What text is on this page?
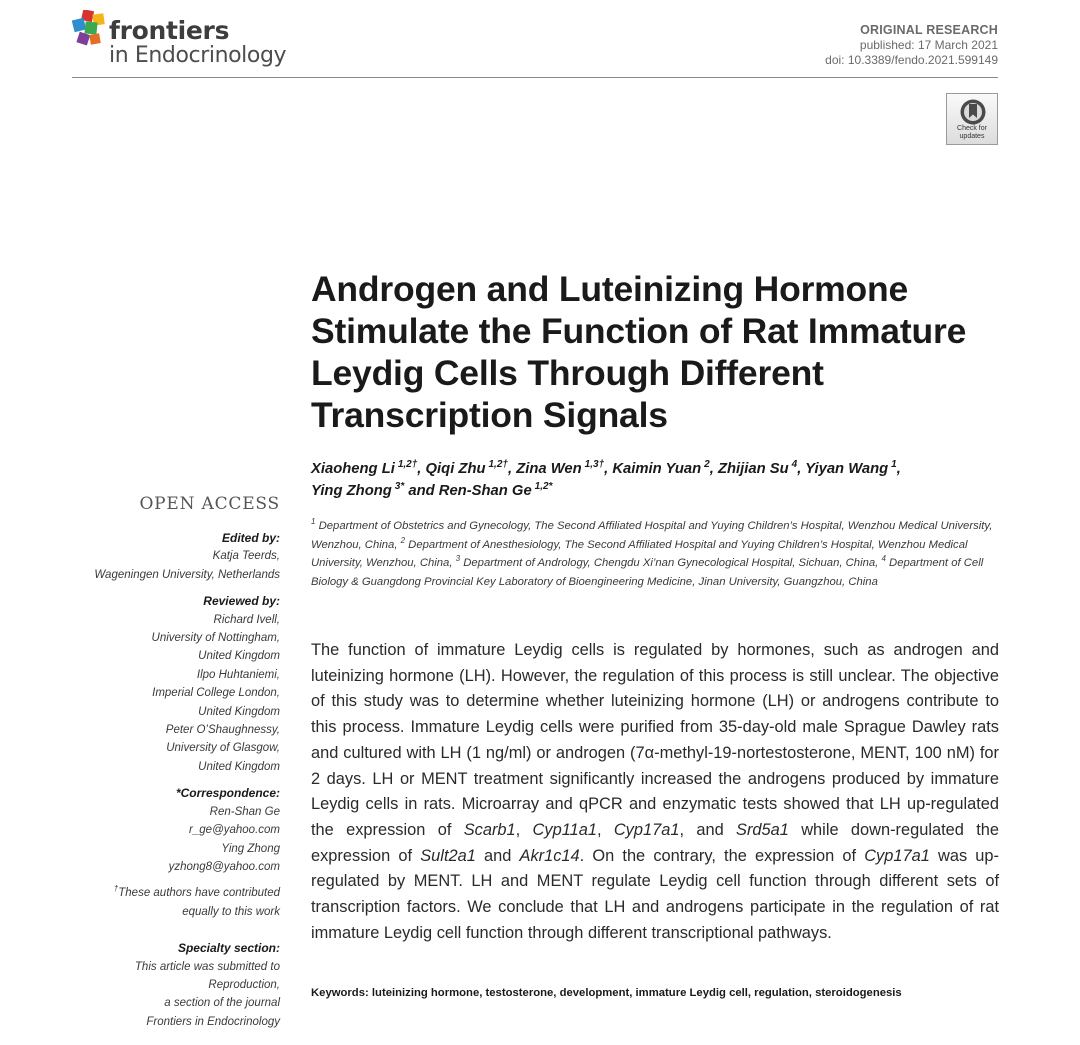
frontiers
in Endocrinology
ORIGINAL RESEARCH
published: 17 March 2021
doi: 10.3389/fendo.2021.599149
Check for
updates
Androgen and Luteinizing Hormone Stimulate the Function of Rat Immature Leydig Cells Through Different Transcription Signals
Xiaoheng Li  $^{1,2\dagger}$, Qiqi Zhu  $^{1,2\dagger}$, Zina Wen  $^{1,3\dagger}$, Kaimin Yuan  $^2$, Zhijian Su  $^4$, Yiyan Wang  $^1$,
Ying Zhong  $^{3*}$ and Ren-Shan Ge  $^{1,2*}$
$^1$ Department of Obstetrics and Gynecology, The Second Affiliated Hospital and Yuying Children’s Hospital, Wenzhou Medical University, Wenzhou, China, $^2$ Department of Anesthesiology, The Second Affiliated Hospital and Yuying Children’s Hospital, Wenzhou Medical University, Wenzhou, China, $^3$ Department of Andrology, Chengdu Xi’nan Gynecological Hospital, Sichuan, China, $^4$ Department of Cell Biology & Guangdong Provincial Key Laboratory of Bioengineering Medicine, Jinan University, Guangzhou, China

The function of immature Leydig cells is regulated by hormones, such as androgen and luteinizing hormone (LH). However, the regulation of this process is still unclear. The objective of this study was to determine whether luteinizing hormone (LH) or androgens contribute to this process. Immature Leydig cells were purified from 35-day-old male Sprague Dawley rats and cultured with LH (1 ng/ml) or androgen (7α-methyl-19-nortestosterone, MENT, 100 nM) for 2 days. LH or MENT treatment significantly increased the androgens produced by immature Leydig cells in rats. Microarray and qPCR and enzymatic tests showed that LH up-regulated the expression of Scarb1, Cyp11a1, Cyp17a1, and Srd5a1 while down-regulated the expression of Sult2a1 and Akr1c14. On the contrary, the expression of Cyp17a1 was up-regulated by MENT. LH and MENT regulate Leydig cell function through different sets of transcription factors. We conclude that LH and androgens participate in the regulation of rat immature Leydig cell function through different transcriptional pathways.

Keywords: luteinizing hormone, testosterone, development, immature Leydig cell, regulation, steroidogenesis
OPEN ACCESS
Edited by:
Katja Teerds,
Wageningen University, Netherlands
Reviewed by:
Richard Ivell,
University of Nottingham,
United Kingdom
Ilpo Huhtaniemi,
Imperial College London,
United Kingdom
Peter O’Shaughnessy,
University of Glasgow,
United Kingdom
*Correspondence:
Ren-Shan Ge
r_ge@yahoo.com
Ying Zhong
yzhong8@yahoo.com
†These authors have contributed
equally to this work
Specialty section:
This article was submitted to
Reproduction,
a section of the journal
Frontiers in Endocrinology
